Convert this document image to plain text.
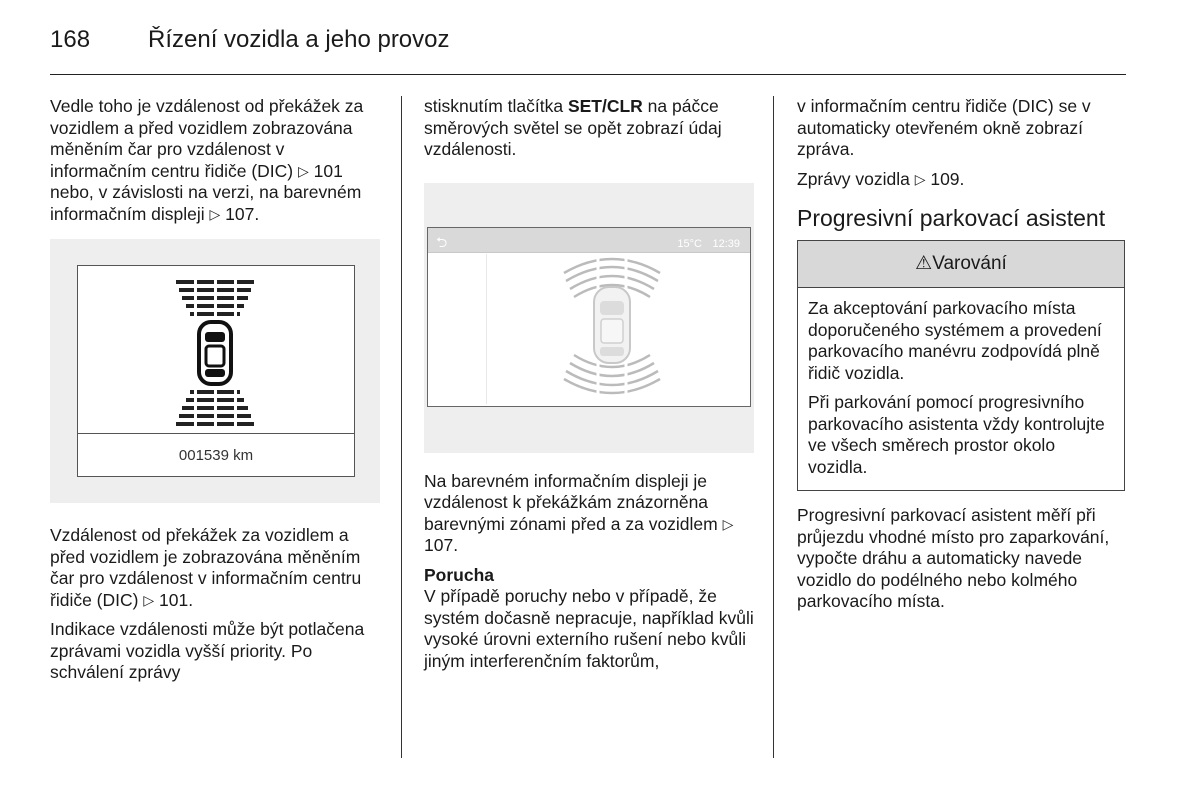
168 Řízení vozidla a jeho provoz

Vedle toho je vzdálenost od překážek za vozidlem a před vozidlem zobrazována měněním čar pro vzdálenost v informačním centru řidiče (DIC) ▷ 101 nebo, v závislosti na verzi, na barevném informačním displeji ▷ 107.

001539 km

Vzdálenost od překážek za vozidlem a před vozidlem je zobrazována měněním čar pro vzdálenost v informačním centru řidiče (DIC) ▷ 101.

Indikace vzdálenosti může být potlačena zprávami vozidla vyšší priority. Po schválení zprávy

stisknutím tlačítka SET/CLR na páčce směrových světel se opět zobrazí údaj vzdálenosti.

⮌	15°C 12:39

Na barevném informačním displeji je vzdálenost k překážkám znázorněna barevnými zónami před a za vozidlem ▷ 107.

Porucha

V případě poruchy nebo v případě, že systém dočasně nepracuje, například kvůli vysoké úrovni externího rušení nebo kvůli jiným interferenčním faktorům,

v informačním centru řidiče (DIC) se v automaticky otevřeném okně zobrazí zpráva.

Zprávy vozidla ▷ 109.

Progresivní parkovací asistent
⚠Varování

Za akceptování parkovacího místa doporučeného systémem a provedení parkovacího manévru zodpovídá plně řidič vozidla.

Při parkování pomocí progresivního parkovacího asistenta vždy kontrolujte ve všech směrech prostor okolo vozidla.

Progresivní parkovací asistent měří při průjezdu vhodné místo pro zaparkování, vypočte dráhu a automaticky navede vozidlo do podélného nebo kolmého parkovacího místa.
